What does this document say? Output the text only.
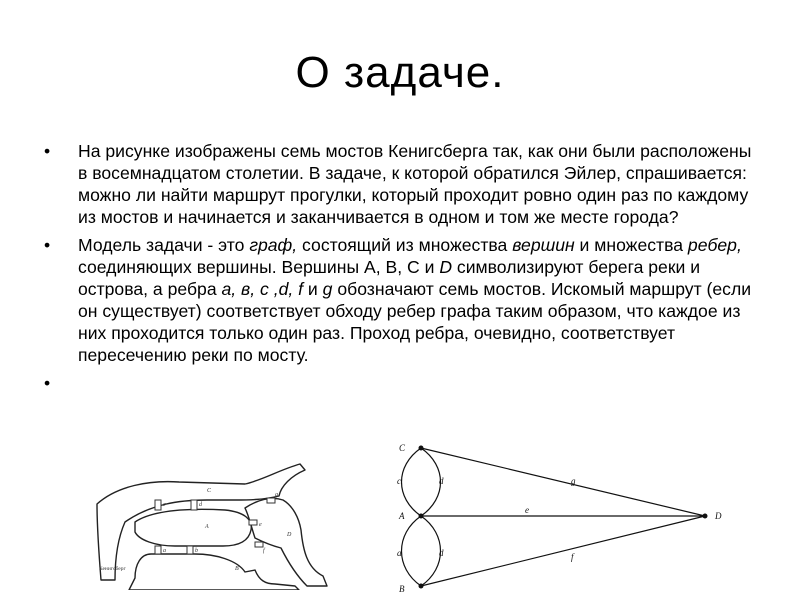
О задаче.
• На рисунке изображены семь мостов Кенигсберга так, как они были расположены в восемнадцатом столетии. В задаче, к которой обратился Эйлер, спрашивается: можно ли найти маршрут прогулки, который проходит ровно один раз по каждому из мостов и начинается и заканчивается в одном и том же месте города?
• Модель задачи - это граф, состоящий из множества вершин и множества ребер, соединяющих вершины. Вершины А, В, С и D символизируют берега реки и острова, а ребра a, в, c ,d, f и g обозначают семь мостов. Искомый маршрут (если он существует) соответствует обходу ребер графа таким образом, что каждое из них проходится только один раз. Проход ребра, очевидно, соответствует пересечению реки по мосту.
•
a	b
c	d
e
f
g
A
B
C
D
Кенигсберг
C
A
B
D
c	d
a	d
e
f
g
